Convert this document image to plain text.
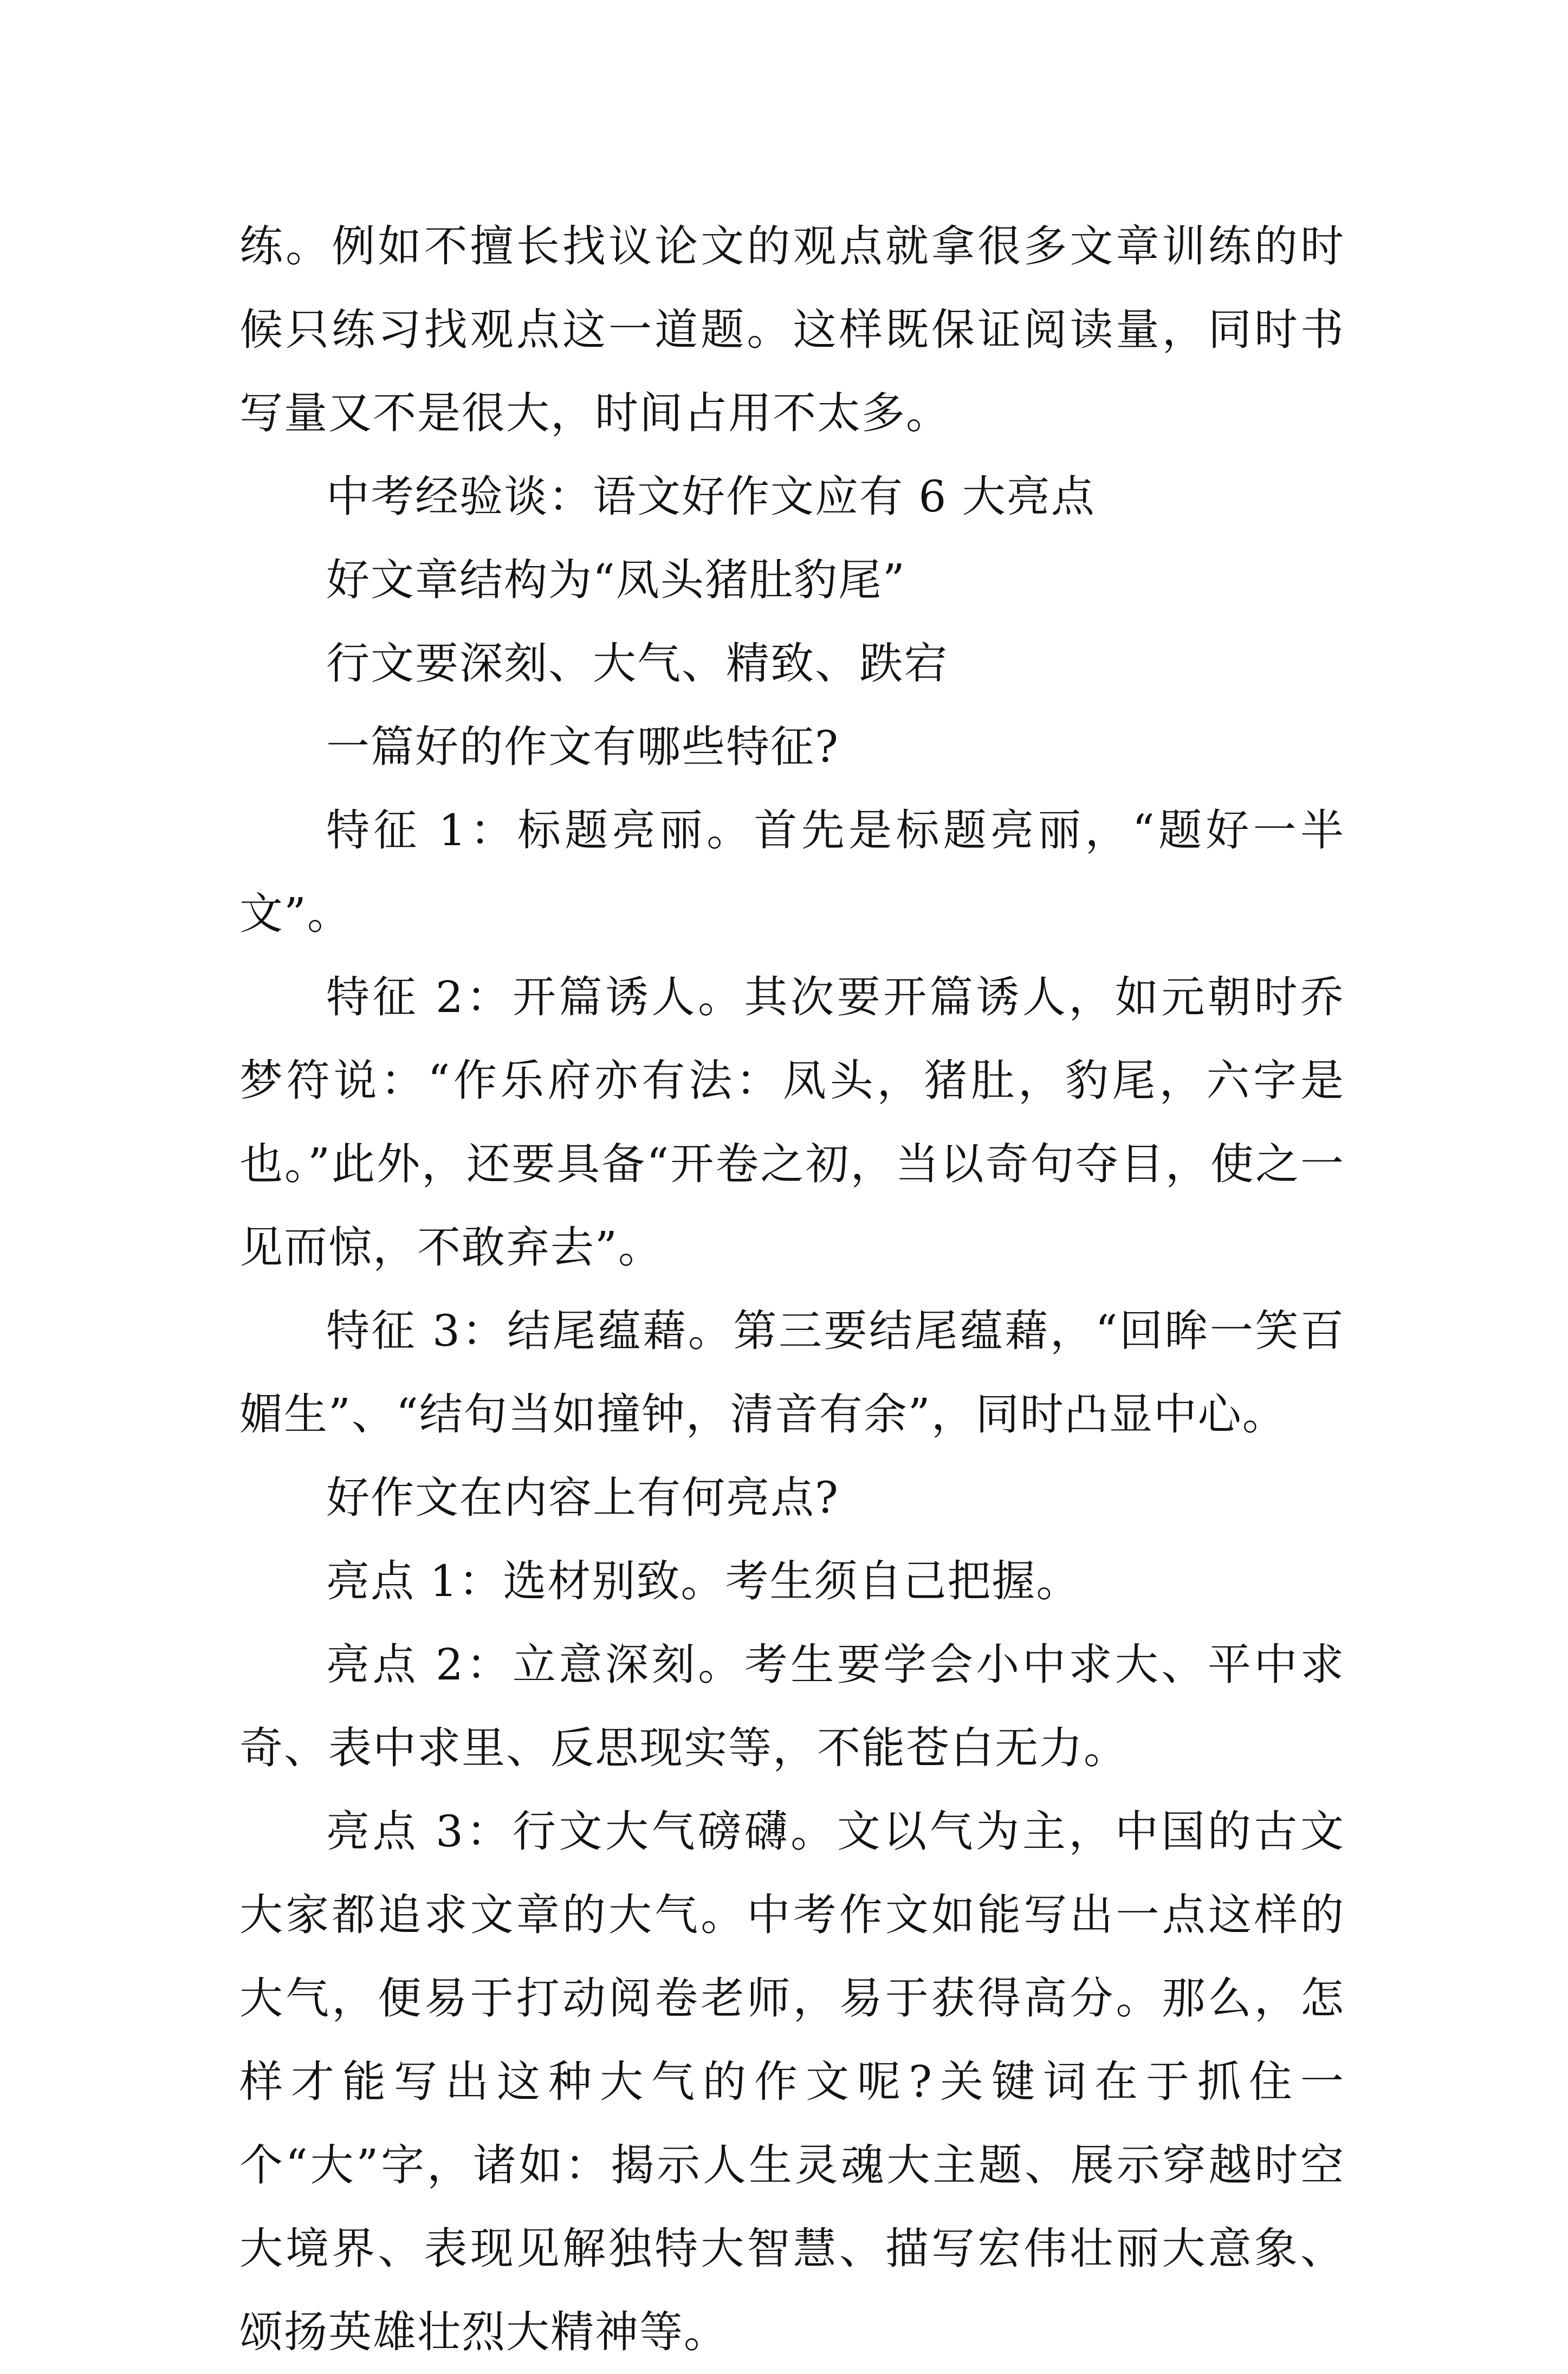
练。例如不擅长找议论文的观点就拿很多文章训练的时候只练习找观点这一道题。这样既保证阅读量，同时书写量又不是很大，时间占用不太多。

中考经验谈：语文好作文应有 6 大亮点

好文章结构为“凤头猪肚豹尾”

行文要深刻、大气、精致、跌宕

一篇好的作文有哪些特征?

特征 1：标题亮丽。首先是标题亮丽，“题好一半文”。

特征 2：开篇诱人。其次要开篇诱人，如元朝时乔梦符说：“作乐府亦有法：凤头，猪肚，豹尾，六字是也。”此外，还要具备“开卷之初，当以奇句夺目，使之一见而惊，不敢弃去”。

特征 3：结尾蕴藉。第三要结尾蕴藉，“回眸一笑百媚生”、“结句当如撞钟，清音有余”，同时凸显中心。

好作文在内容上有何亮点?

亮点 1：选材别致。考生须自己把握。

亮点 2：立意深刻。考生要学会小中求大、平中求奇、表中求里、反思现实等，不能苍白无力。

亮点 3：行文大气磅礴。文以气为主，中国的古文大家都追求文章的大气。中考作文如能写出一点这样的大气，便易于打动阅卷老师，易于获得高分。那么，怎样才能写出这种大气的作文呢?关键词在于抓住一个“大”字，诸如：揭示人生灵魂大主题、展示穿越时空大境界、表现见解独特大智慧、描写宏伟壮丽大意象、颂扬英雄壮烈大精神等。
